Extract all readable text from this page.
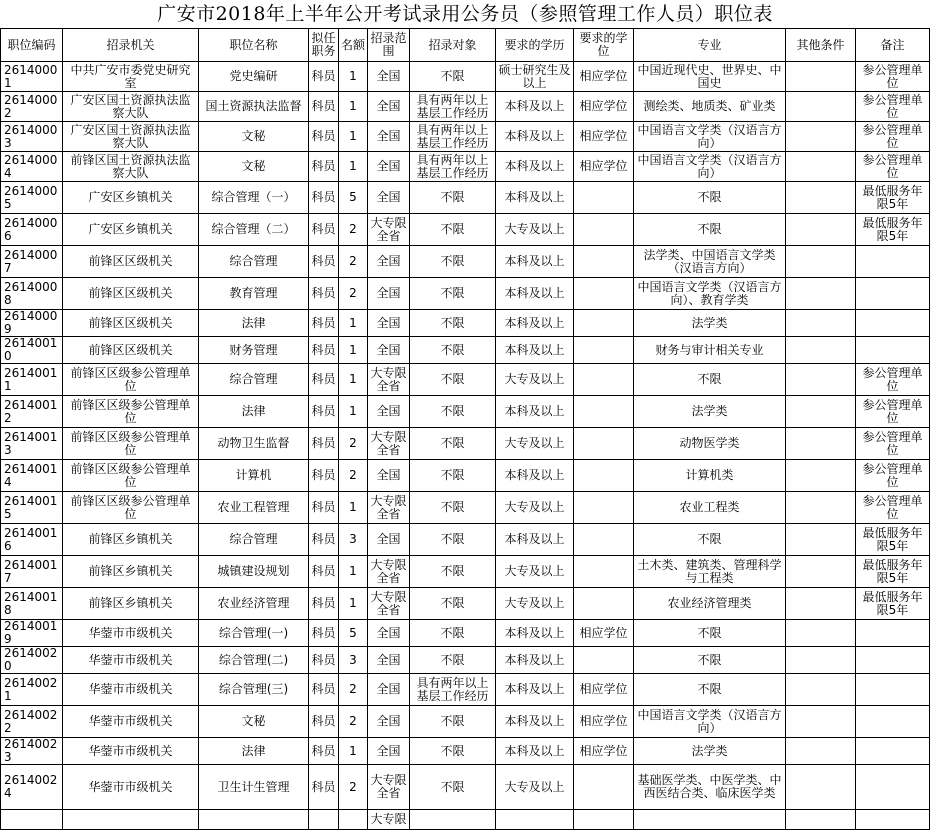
广安市2018年上半年公开考试录用公务员（参照管理工作人员）职位表
职位编码	招录机关	职位名称	拟任职务	名额	招录范围	招录对象	要求的学历	要求的学位	专业	其他条件	备注
26140001	中共广安市委党史研究室	党史编研	科员	1	全国	不限	硕士研究生及以上	相应学位	中国近现代史、世界史、中国史		参公管理单位
26140002	广安区国土资源执法监察大队	国土资源执法监督	科员	1	全国	具有两年以上基层工作经历	本科及以上	相应学位	测绘类、地质类、矿业类		参公管理单位
26140003	广安区国土资源执法监察大队	文秘	科员	1	全国	具有两年以上基层工作经历	本科及以上	相应学位	中国语言文学类（汉语言方向）		参公管理单位
26140004	前锋区国土资源执法监察大队	文秘	科员	1	全国	具有两年以上基层工作经历	本科及以上	相应学位	中国语言文学类（汉语言方向）		参公管理单位
26140005	广安区乡镇机关	综合管理（一）	科员	5	全国	不限	本科及以上		不限		最低服务年限5年
26140006	广安区乡镇机关	综合管理（二）	科员	2	大专限全省	不限	大专及以上		不限		最低服务年限5年
26140007	前锋区区级机关	综合管理	科员	2	全国	不限	本科及以上		法学类、中国语言文学类（汉语言方向）		
26140008	前锋区区级机关	教育管理	科员	2	全国	不限	本科及以上		中国语言文学类（汉语言方向）、教育学类		
26140009	前锋区区级机关	法律	科员	1	全国	不限	本科及以上		法学类		
26140010	前锋区区级机关	财务管理	科员	1	全国	不限	本科及以上		财务与审计相关专业		
26140011	前锋区区级参公管理单位	综合管理	科员	1	大专限全省	不限	大专及以上		不限		参公管理单位
26140012	前锋区区级参公管理单位	法律	科员	1	全国	不限	本科及以上		法学类		参公管理单位
26140013	前锋区区级参公管理单位	动物卫生监督	科员	2	大专限全省	不限	大专及以上		动物医学类		参公管理单位
26140014	前锋区区级参公管理单位	计算机	科员	2	全国	不限	本科及以上		计算机类		参公管理单位
26140015	前锋区区级参公管理单位	农业工程管理	科员	1	大专限全省	不限	大专及以上		农业工程类		参公管理单位
26140016	前锋区乡镇机关	综合管理	科员	3	全国	不限	本科及以上		不限		最低服务年限5年
26140017	前锋区乡镇机关	城镇建设规划	科员	1	大专限全省	不限	大专及以上		土木类、建筑类、管理科学与工程类		最低服务年限5年
26140018	前锋区乡镇机关	农业经济管理	科员	1	大专限全省	不限	大专及以上		农业经济管理类		最低服务年限5年
26140019	华蓥市市级机关	综合管理(一)	科员	5	全国	不限	本科及以上	相应学位	不限		
26140020	华蓥市市级机关	综合管理(二)	科员	3	全国	不限	本科及以上		不限		
26140021	华蓥市市级机关	综合管理(三)	科员	2	全国	具有两年以上基层工作经历	本科及以上	相应学位	不限		
26140022	华蓥市市级机关	文秘	科员	2	全国	不限	本科及以上	相应学位	中国语言文学类（汉语言方向）		
26140023	华蓥市市级机关	法律	科员	1	全国	不限	本科及以上	相应学位	法学类		
26140024	华蓥市市级机关	卫生计生管理	科员	2	大专限全省	不限	大专及以上		基础医学类、中医学类、中西医结合类、临床医学类		
					大专限						
